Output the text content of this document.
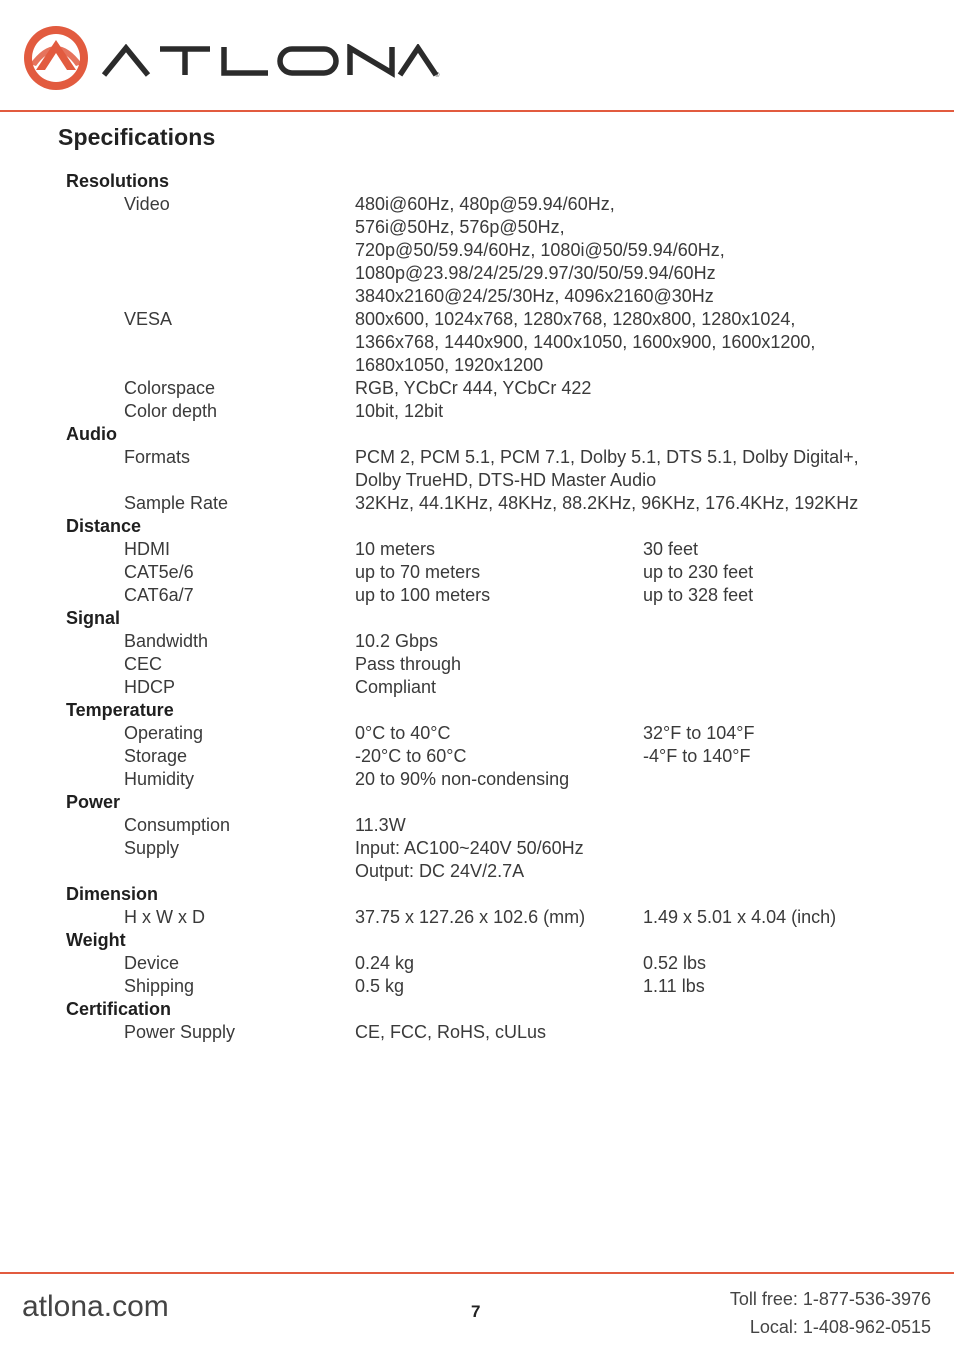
®
Specifications
Resolutions
Video	480i@60Hz, 480p@59.94/60Hz,
576i@50Hz, 576p@50Hz,
720p@50/59.94/60Hz, 1080i@50/59.94/60Hz,
1080p@23.98/24/25/29.97/30/50/59.94/60Hz
3840x2160@24/25/30Hz, 4096x2160@30Hz
VESA	800x600, 1024x768, 1280x768, 1280x800, 1280x1024,
1366x768, 1440x900, 1400x1050, 1600x900, 1600x1200,
1680x1050, 1920x1200
Colorspace	RGB, YCbCr 444, YCbCr 422
Color depth	10bit, 12bit
Audio
Formats	PCM 2, PCM 5.1, PCM 7.1, Dolby 5.1, DTS 5.1, Dolby Digital+,
Dolby TrueHD, DTS-HD Master Audio
Sample Rate	32KHz, 44.1KHz, 48KHz, 88.2KHz, 96KHz, 176.4KHz, 192KHz
Distance
HDMI	10 meters	30 feet
CAT5e/6	up to 70 meters	up to 230 feet
CAT6a/7	up to 100 meters	up to 328 feet
Signal
Bandwidth	10.2 Gbps
CEC	Pass through
HDCP	Compliant
Temperature
Operating	0°C to 40°C	32°F to 104°F
Storage	-20°C to 60°C	-4°F to 140°F
Humidity	20 to 90% non-condensing
Power
Consumption	11.3W
Supply	Input: AC100~240V 50/60Hz
Output: DC 24V/2.7A
Dimension
H x W x D	37.75 x 127.26 x 102.6 (mm)	1.49 x 5.01 x 4.04 (inch)
Weight
Device	0.24 kg	0.52 lbs
Shipping	0.5 kg	1.11 lbs
Certification
Power Supply	CE, FCC, RoHS, cULus
atlona.com	7
Toll free: 1-877-536-3976
Local: 1-408-962-0515
